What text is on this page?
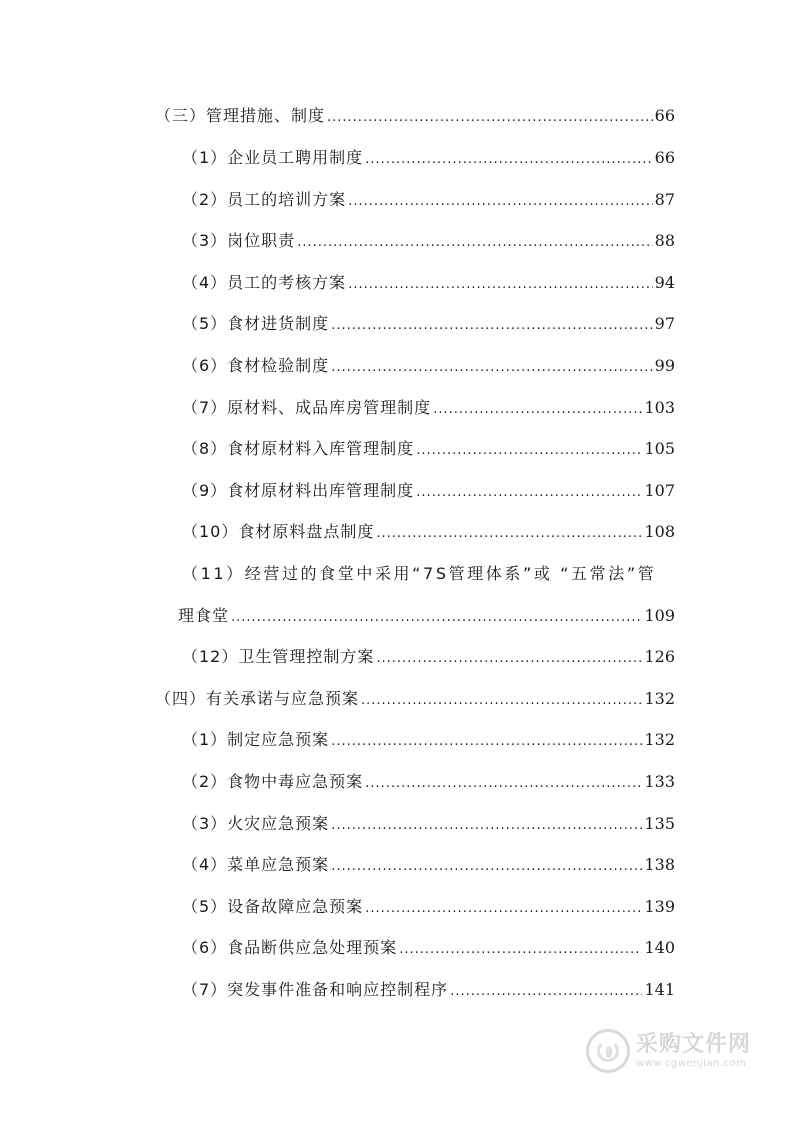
（三）管理措施、制度 .....	66
（1）企业员工聘用制度 .....	66
（2）员工的培训方案 .....	87
（3）岗位职责 .....	88
（4）员工的考核方案 .....	94
（5）食材进货制度 .....	97
（6）食材检验制度 .....	99
（7）原材料、成品库房管理制度 .....	103
（8）食材原材料入库管理制度 .....	105
（9）食材原材料出库管理制度 .....	107
（10）食材原料盘点制度 .....	108
（11）经营过的食堂中采用“7S管理体系”或 “五常法”管
理食堂 .....	109
（12）卫生管理控制方案 .....	126
（四）有关承诺与应急预案 .....	132
（1）制定应急预案 .....	132
（2）食物中毒应急预案 .....	133
（3）火灾应急预案 .....	135
（4）菜单应急预案 .....	138
（5）设备故障应急预案 .....	139
（6）食品断供应急处理预案 .....	140
（7）突发事件准备和响应控制程序 .....	141
采购文件网
www.cgwenjian.com
